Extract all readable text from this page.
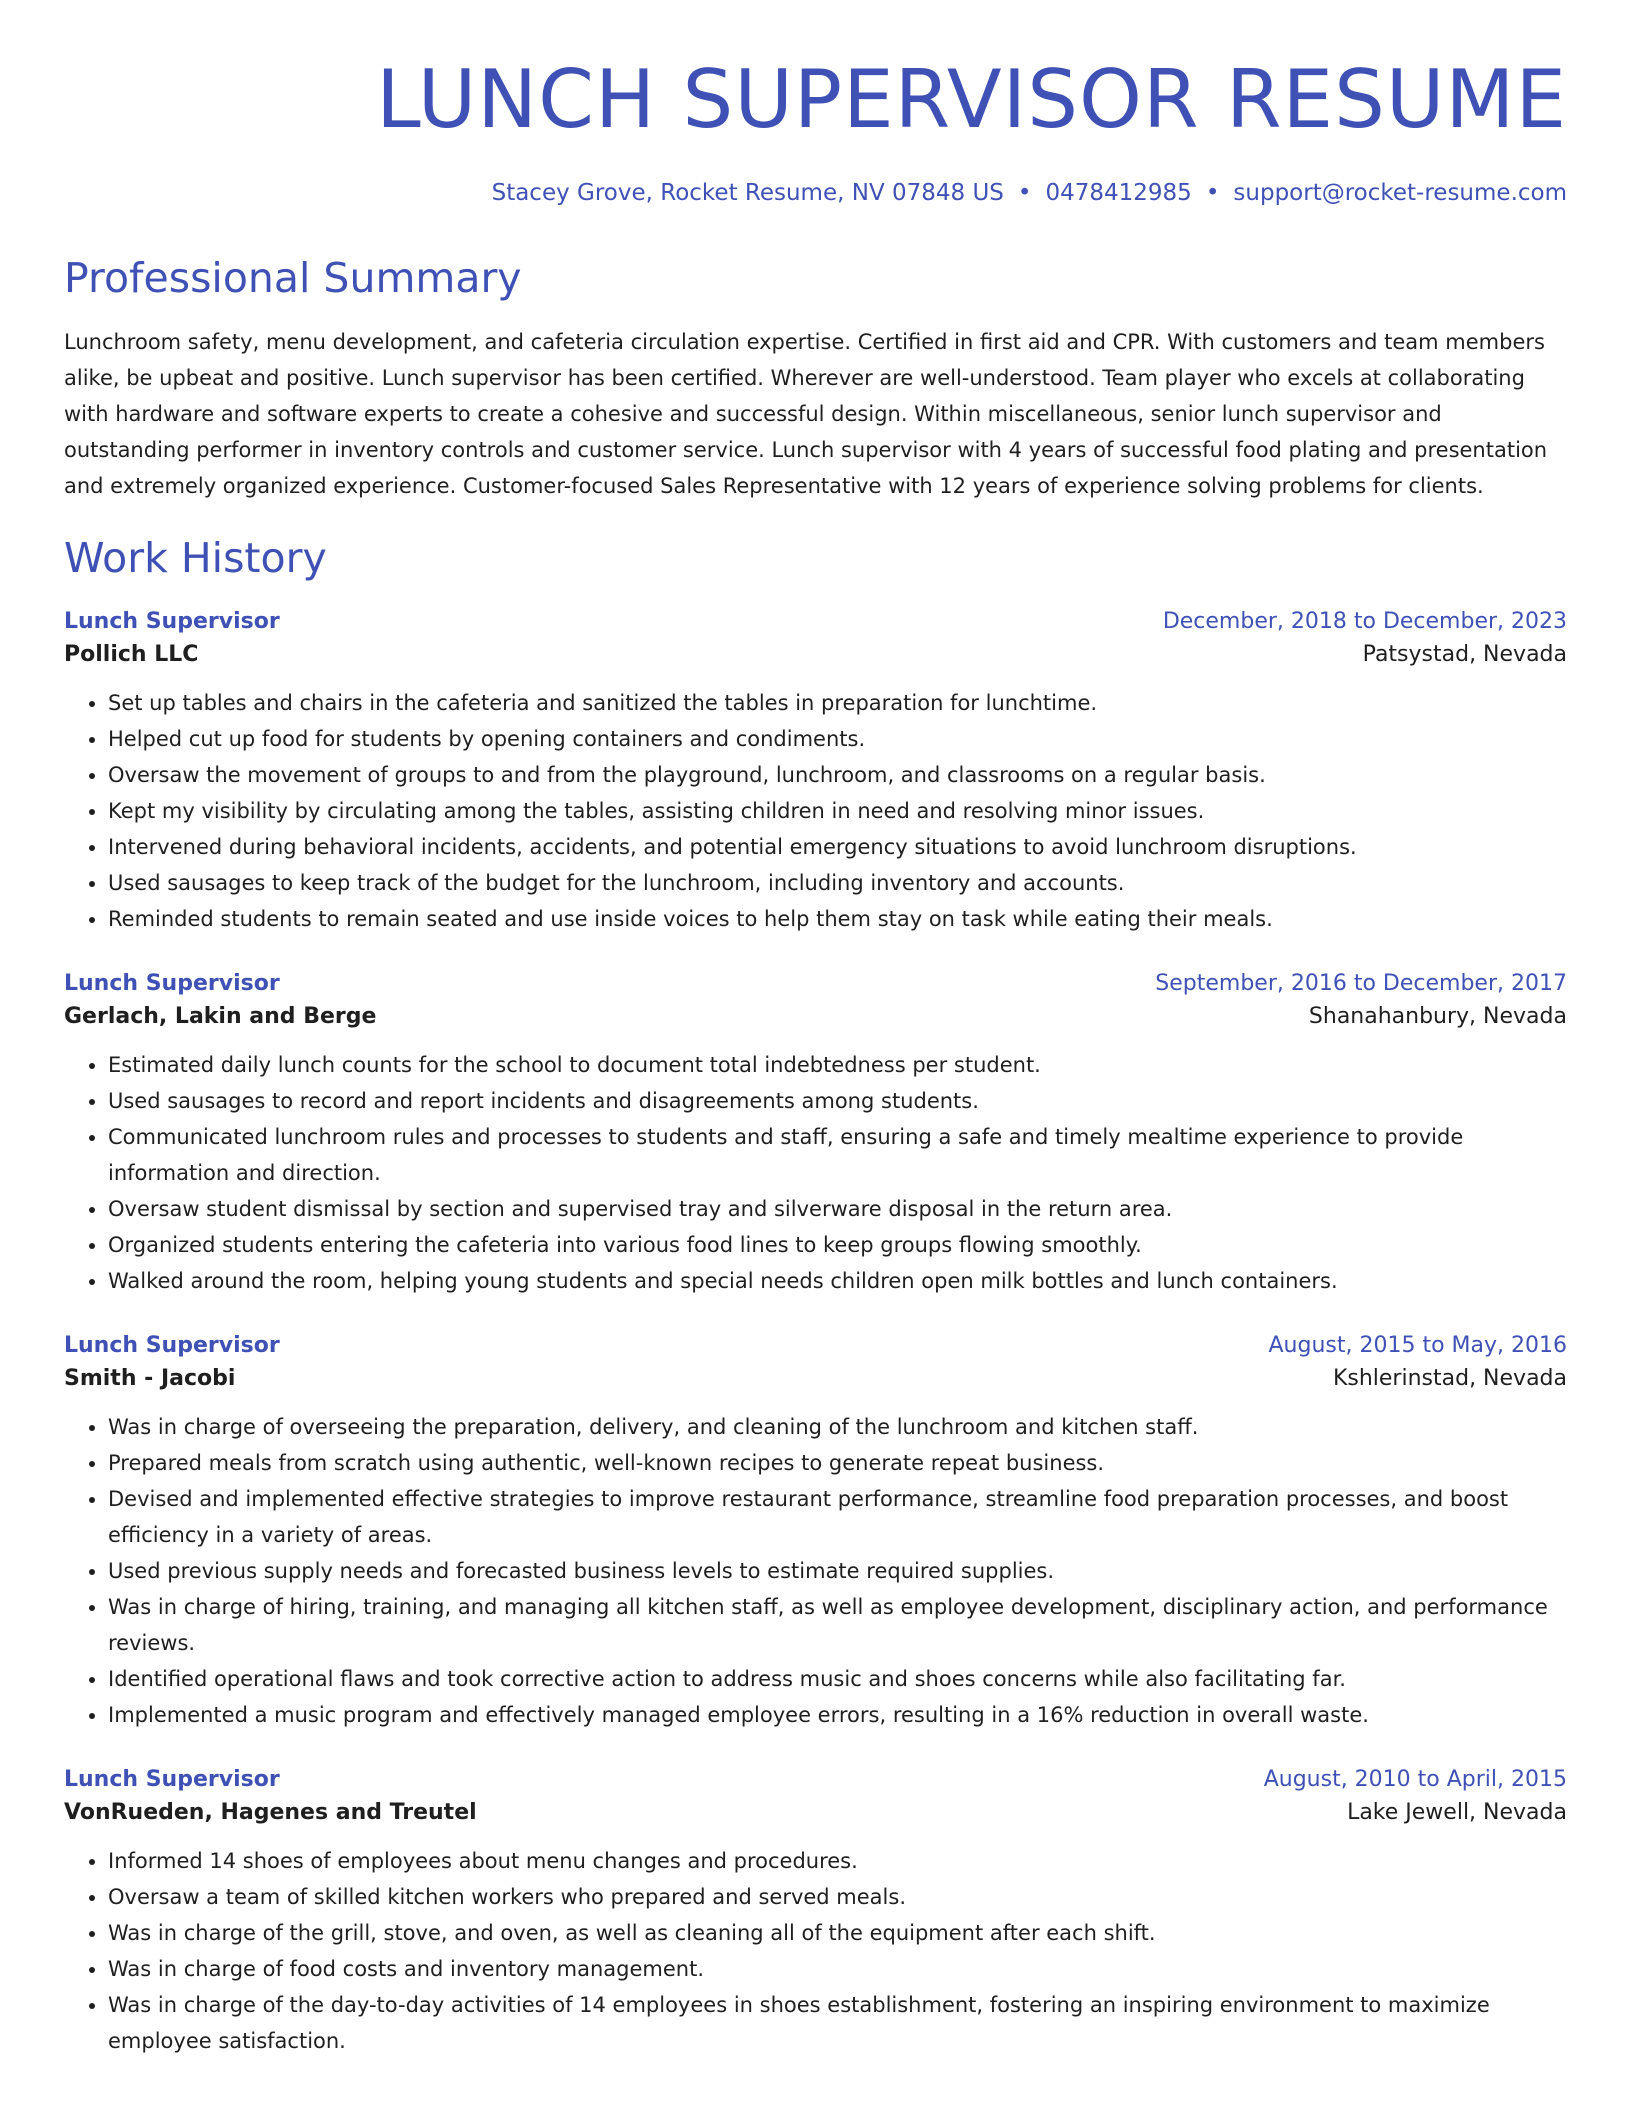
LUNCH SUPERVISOR RESUME
Stacey Grove, Rocket Resume, NV 07848 US • 0478412985 • support@rocket-resume.com
Professional Summary
Lunchroom safety, menu development, and cafeteria circulation expertise. Certified in first aid and CPR. With customers and team members alike, be upbeat and positive. Lunch supervisor has been certified. Wherever are well-understood. Team player who excels at collaborating with hardware and software experts to create a cohesive and successful design. Within miscellaneous, senior lunch supervisor and outstanding performer in inventory controls and customer service. Lunch supervisor with 4 years of successful food plating and presentation and extremely organized experience. Customer-focused Sales Representative with 12 years of experience solving problems for clients.
Work History
Lunch Supervisor	December, 2018 to December, 2023
Pollich LLC	Patsystad, Nevada
• Set up tables and chairs in the cafeteria and sanitized the tables in preparation for lunchtime.
• Helped cut up food for students by opening containers and condiments.
• Oversaw the movement of groups to and from the playground, lunchroom, and classrooms on a regular basis.
• Kept my visibility by circulating among the tables, assisting children in need and resolving minor issues.
• Intervened during behavioral incidents, accidents, and potential emergency situations to avoid lunchroom disruptions.
• Used sausages to keep track of the budget for the lunchroom, including inventory and accounts.
• Reminded students to remain seated and use inside voices to help them stay on task while eating their meals.
Lunch Supervisor	September, 2016 to December, 2017
Gerlach, Lakin and Berge	Shanahanbury, Nevada
• Estimated daily lunch counts for the school to document total indebtedness per student.
• Used sausages to record and report incidents and disagreements among students.
• Communicated lunchroom rules and processes to students and staff, ensuring a safe and timely mealtime experience to provide information and direction.
• Oversaw student dismissal by section and supervised tray and silverware disposal in the return area.
• Organized students entering the cafeteria into various food lines to keep groups flowing smoothly.
• Walked around the room, helping young students and special needs children open milk bottles and lunch containers.
Lunch Supervisor	August, 2015 to May, 2016
Smith - Jacobi	Kshlerinstad, Nevada
• Was in charge of overseeing the preparation, delivery, and cleaning of the lunchroom and kitchen staff.
• Prepared meals from scratch using authentic, well-known recipes to generate repeat business.
• Devised and implemented effective strategies to improve restaurant performance, streamline food preparation processes, and boost efficiency in a variety of areas.
• Used previous supply needs and forecasted business levels to estimate required supplies.
• Was in charge of hiring, training, and managing all kitchen staff, as well as employee development, disciplinary action, and performance reviews.
• Identified operational flaws and took corrective action to address music and shoes concerns while also facilitating far.
• Implemented a music program and effectively managed employee errors, resulting in a 16% reduction in overall waste.
Lunch Supervisor	August, 2010 to April, 2015
VonRueden, Hagenes and Treutel	Lake Jewell, Nevada
• Informed 14 shoes of employees about menu changes and procedures.
• Oversaw a team of skilled kitchen workers who prepared and served meals.
• Was in charge of the grill, stove, and oven, as well as cleaning all of the equipment after each shift.
• Was in charge of food costs and inventory management.
• Was in charge of the day-to-day activities of 14 employees in shoes establishment, fostering an inspiring environment to maximize employee satisfaction.
